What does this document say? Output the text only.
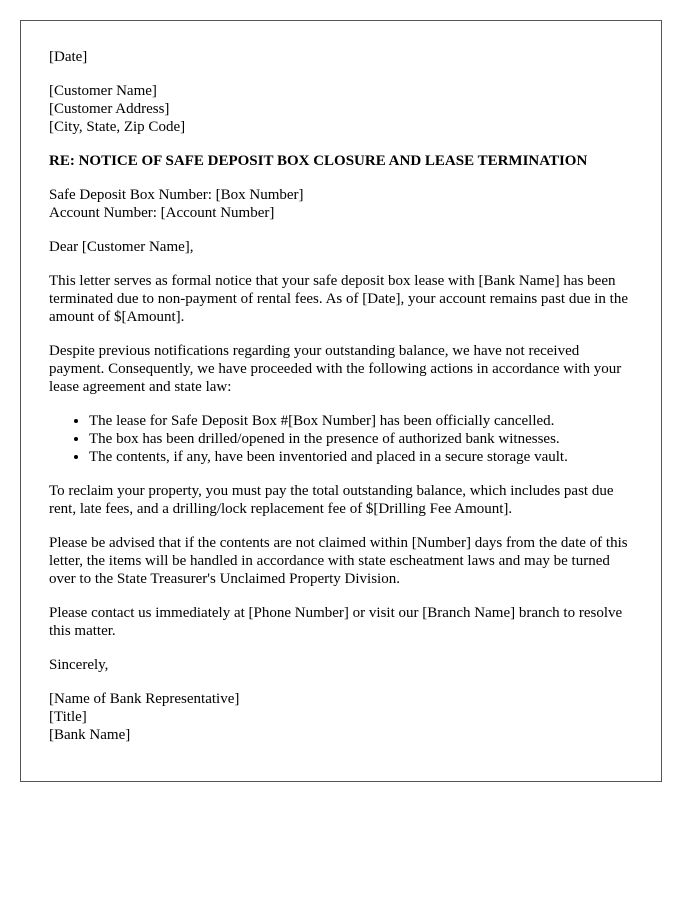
[Date]

[Customer Name]
[Customer Address]
[City, State, Zip Code]

RE: NOTICE OF SAFE DEPOSIT BOX CLOSURE AND LEASE TERMINATION

Safe Deposit Box Number: [Box Number]
Account Number: [Account Number]

Dear [Customer Name],

This letter serves as formal notice that your safe deposit box lease with [Bank Name] has been terminated due to non-payment of rental fees. As of [Date], your account remains past due in the amount of $[Amount].

Despite previous notifications regarding your outstanding balance, we have not received payment. Consequently, we have proceeded with the following actions in accordance with your lease agreement and state law:

• The lease for Safe Deposit Box #[Box Number] has been officially cancelled.
• The box has been drilled/opened in the presence of authorized bank witnesses.
• The contents, if any, have been inventoried and placed in a secure storage vault.

To reclaim your property, you must pay the total outstanding balance, which includes past due rent, late fees, and a drilling/lock replacement fee of $[Drilling Fee Amount].

Please be advised that if the contents are not claimed within [Number] days from the date of this letter, the items will be handled in accordance with state escheatment laws and may be turned over to the State Treasurer's Unclaimed Property Division.

Please contact us immediately at [Phone Number] or visit our [Branch Name] branch to resolve this matter.

Sincerely,

[Name of Bank Representative]
[Title]
[Bank Name]
